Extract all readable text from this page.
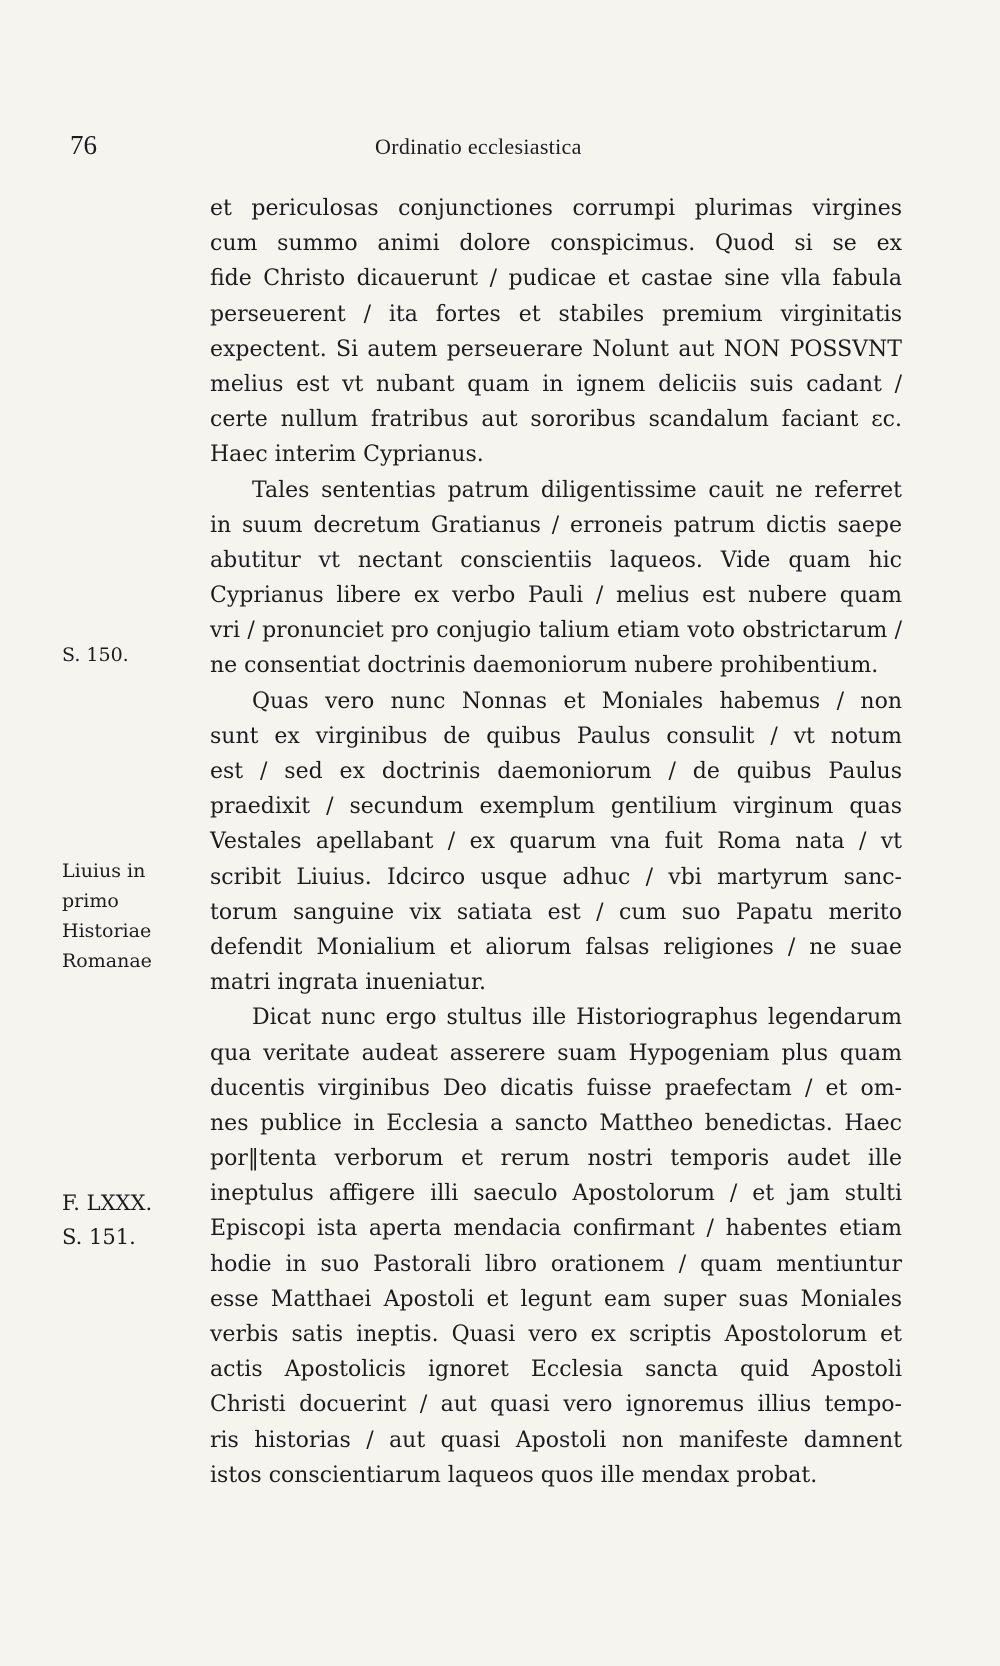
76	Ordinatio ecclesiastica
et periculosas conjunctiones corrumpi plurimas virgines
cum summo animi dolore conspicimus. Quod si se ex
fide Christo dicauerunt / pudicae et castae sine vlla fabula
perseuerent / ita fortes et stabiles premium virginitatis
expectent. Si autem perseuerare Nolunt aut NON POSSVNT
melius est vt nubant quam in ignem deliciis suis cadant /
certe nullum fratribus aut sororibus scandalum faciant ɛc.
Haec interim Cyprianus.
Tales sententias patrum diligentissime cauit ne referret
in suum decretum Gratianus / erroneis patrum dictis saepe
abutitur vt nectant conscientiis laqueos. Vide quam hic
Cyprianus libere ex verbo Pauli / melius est nubere quam
vri / pronunciet pro conjugio talium etiam voto obstrictarum /
ne consentiat doctrinis daemoniorum nubere prohibentium.
Quas vero nunc Nonnas et Moniales habemus / non
sunt ex virginibus de quibus Paulus consulit / vt notum
est / sed ex doctrinis daemoniorum / de quibus Paulus
praedixit / secundum exemplum gentilium virginum quas
Vestales apellabant / ex quarum vna fuit Roma nata / vt
scribit Liuius. Idcirco usque adhuc / vbi martyrum sanc-
torum sanguine vix satiata est / cum suo Papatu merito
defendit Monialium et aliorum falsas religiones / ne suae
matri ingrata inueniatur.
Dicat nunc ergo stultus ille Historiographus legendarum
qua veritate audeat asserere suam Hypogeniam plus quam
ducentis virginibus Deo dicatis fuisse praefectam / et om-
nes publice in Ecclesia a sancto Mattheo benedictas. Haec
por‖tenta verborum et rerum nostri temporis audet ille
ineptulus affigere illi saeculo Apostolorum / et jam stulti
Episcopi ista aperta mendacia confirmant / habentes etiam
hodie in suo Pastorali libro orationem / quam mentiuntur
esse Matthaei Apostoli et legunt eam super suas Moniales
verbis satis ineptis. Quasi vero ex scriptis Apostolorum et
actis Apostolicis ignoret Ecclesia sancta quid Apostoli
Christi docuerint / aut quasi vero ignoremus illius tempo-
ris historias / aut quasi Apostoli non manifeste damnent
istos conscientiarum laqueos quos ille mendax probat.
S. 150.
Liuius in
primo
Historiae
Romanae
F. LXXX.
S. 151.
